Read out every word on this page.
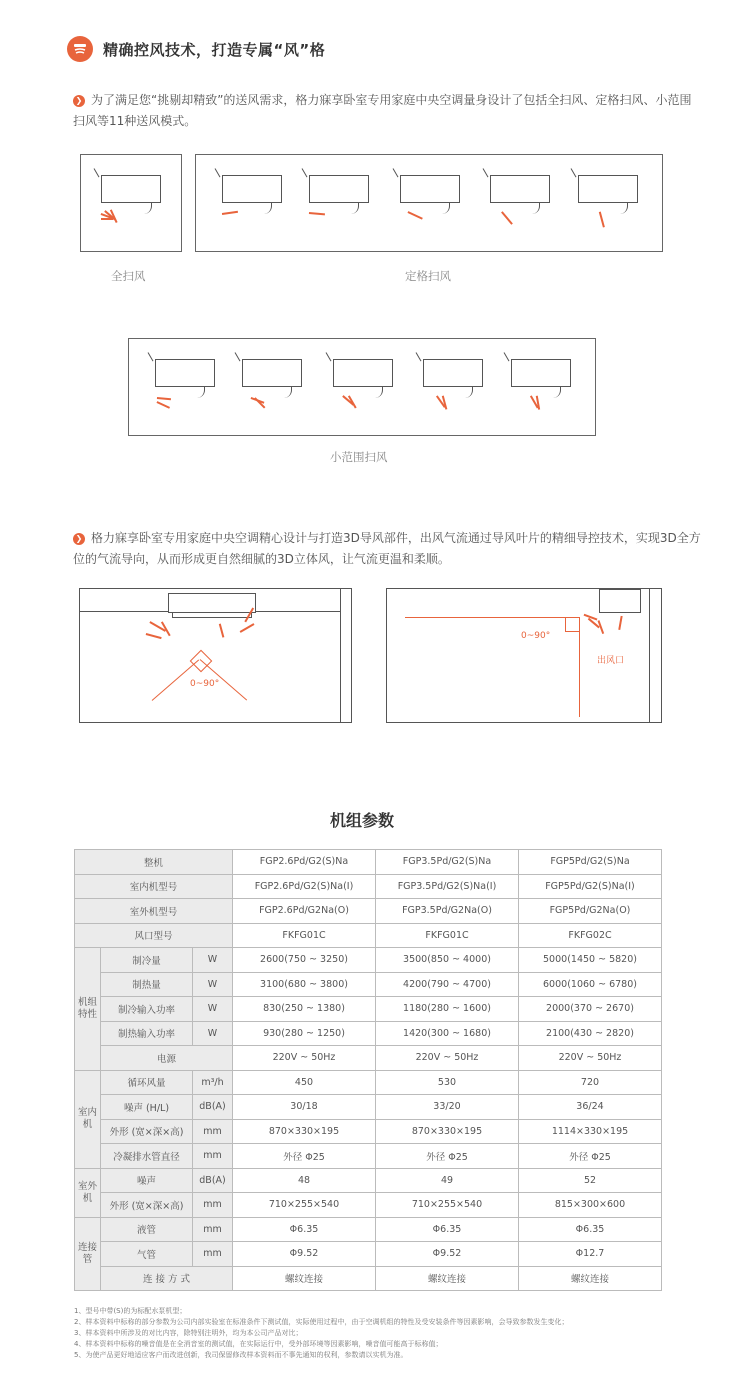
精确控风技术，打造专属“风”格
❯ 为了满足您“挑剔却精致”的送风需求，格力寐享卧室专用家庭中央空调量身设计了包括全扫风、定格扫风、小范围扫风等11种送风模式。
全扫风	定格扫风
小范围扫风
❯ 格力寐享卧室专用家庭中央空调精心设计与打造3D导风部件，出风气流通过导风叶片的精细导控技术，实现3D全方位的气流导向，从而形成更自然细腻的3D立体风，让气流更温和柔顺。
0~90°
0~90°
出风口
机组参数
整机			FGP2.6Pd/G2(S)Na	FGP3.5Pd/G2(S)Na	FGP5Pd/G2(S)Na
室内机型号			FGP2.6Pd/G2(S)Na(I)	FGP3.5Pd/G2(S)Na(I)	FGP5Pd/G2(S)Na(I)
室外机型号			FGP2.6Pd/G2Na(O)	FGP3.5Pd/G2Na(O)	FGP5Pd/G2Na(O)
风口型号			FKFG01C	FKFG01C	FKFG02C
机组特性	制冷量	W	2600(750 ~ 3250)	3500(850 ~ 4000)	5000(1450 ~ 5820)
	制热量	W	3100(680 ~ 3800)	4200(790 ~ 4700)	6000(1060 ~ 6780)
	制冷输入功率	W	830(250 ~ 1380)	1180(280 ~ 1600)	2000(370 ~ 2670)
	制热输入功率	W	930(280 ~ 1250)	1420(300 ~ 1680)	2100(430 ~ 2820)
	电源		220V ~ 50Hz	220V ~ 50Hz	220V ~ 50Hz
室内机	循环风量	m³/h	450	530	720
	噪声 (H/L)	dB(A)	30/18	33/20	36/24
	外形 (宽×深×高)	mm	870×330×195	870×330×195	1114×330×195
	冷凝排水管直径	mm	外径 Φ25	外径 Φ25	外径 Φ25
室外机	噪声	dB(A)	48	49	52
	外形 (宽×深×高)	mm	710×255×540	710×255×540	815×300×600
连接管	液管	mm	Φ6.35	Φ6.35	Φ6.35
	气管	mm	Φ9.52	Φ9.52	Φ12.7
	连 接 方 式		螺纹连接	螺纹连接	螺纹连接
1、型号中带(S)的为标配水泵机型；
2、样本资料中标称的部分参数为公司内部实验室在标准条件下测试值，实际使用过程中，由于空调机组的特性及受安装条件等因素影响，会导致参数发生变化；
3、样本资料中所涉及的对比内容，除特别注明外，均为本公司产品对比；
4、样本资料中标称的噪音值是在全消音室的测试值，在实际运行中，受外部环境等因素影响，噪音值可能高于标称值；
5、为使产品更好地适应客户而改进创新，我司保留修改样本资料而不事先通知的权利，参数请以实机为准。
